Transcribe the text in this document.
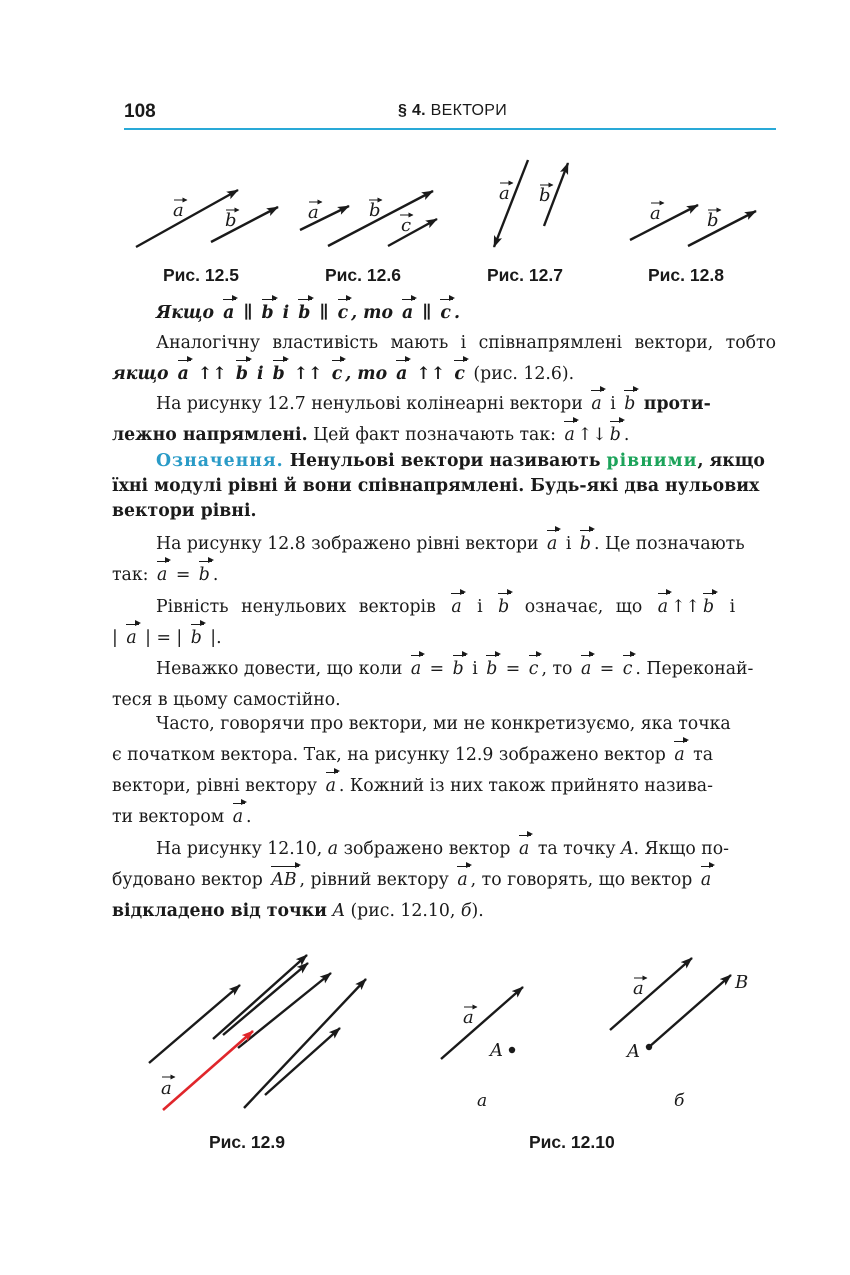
108	§ 4. ВЕКТОРИ
a b	a	b
c
a b
a	b
a
a
a
A	A
B
а	б
Рис. 12.5	Рис. 12.6	Рис. 12.7	Рис. 12.8
Рис. 12.9	Рис. 12.10
Якщо a ∥ b і b ∥ c , то a ∥ c .
Аналогічну властивість мають і співнапрямлені вектори, тобто
якщо a ↑↑ b і b ↑↑ c , то a ↑↑ c (рис. 12.6).
На рисунку 12.7 ненульові колінеарні вектори a і b проти-
лежно напрямлені. Цей факт позначають так: a ↑↓ b .
Означення. Ненульові вектори називають рівними, якщо
їхні модулі рівні й вони співнапрямлені. Будь-які два нульових
вектори рівні.
На рисунку 12.8 зображено рівні вектори a і b . Це позначають
так: a = b .
Рівність ненульових векторів a і b означає, що a ↑↑ b і
| a | = | b |.
Неважко довести, що коли a = b і b = c , то a = c . Переконай-
теся в цьому самостійно.
Часто, говорячи про вектори, ми не конкретизуємо, яка точка
є початком вектора. Так, на рисунку 12.9 зображено вектор a та
вектори, рівні вектору a . Кожний із них також прийнято назива-
ти вектором a .
На рисунку 12.10, а зображено вектор a та точку A. Якщо по-
будовано вектор AB , рівний вектору a , то говорять, що вектор a
відкладено від точки A (рис. 12.10, б).
